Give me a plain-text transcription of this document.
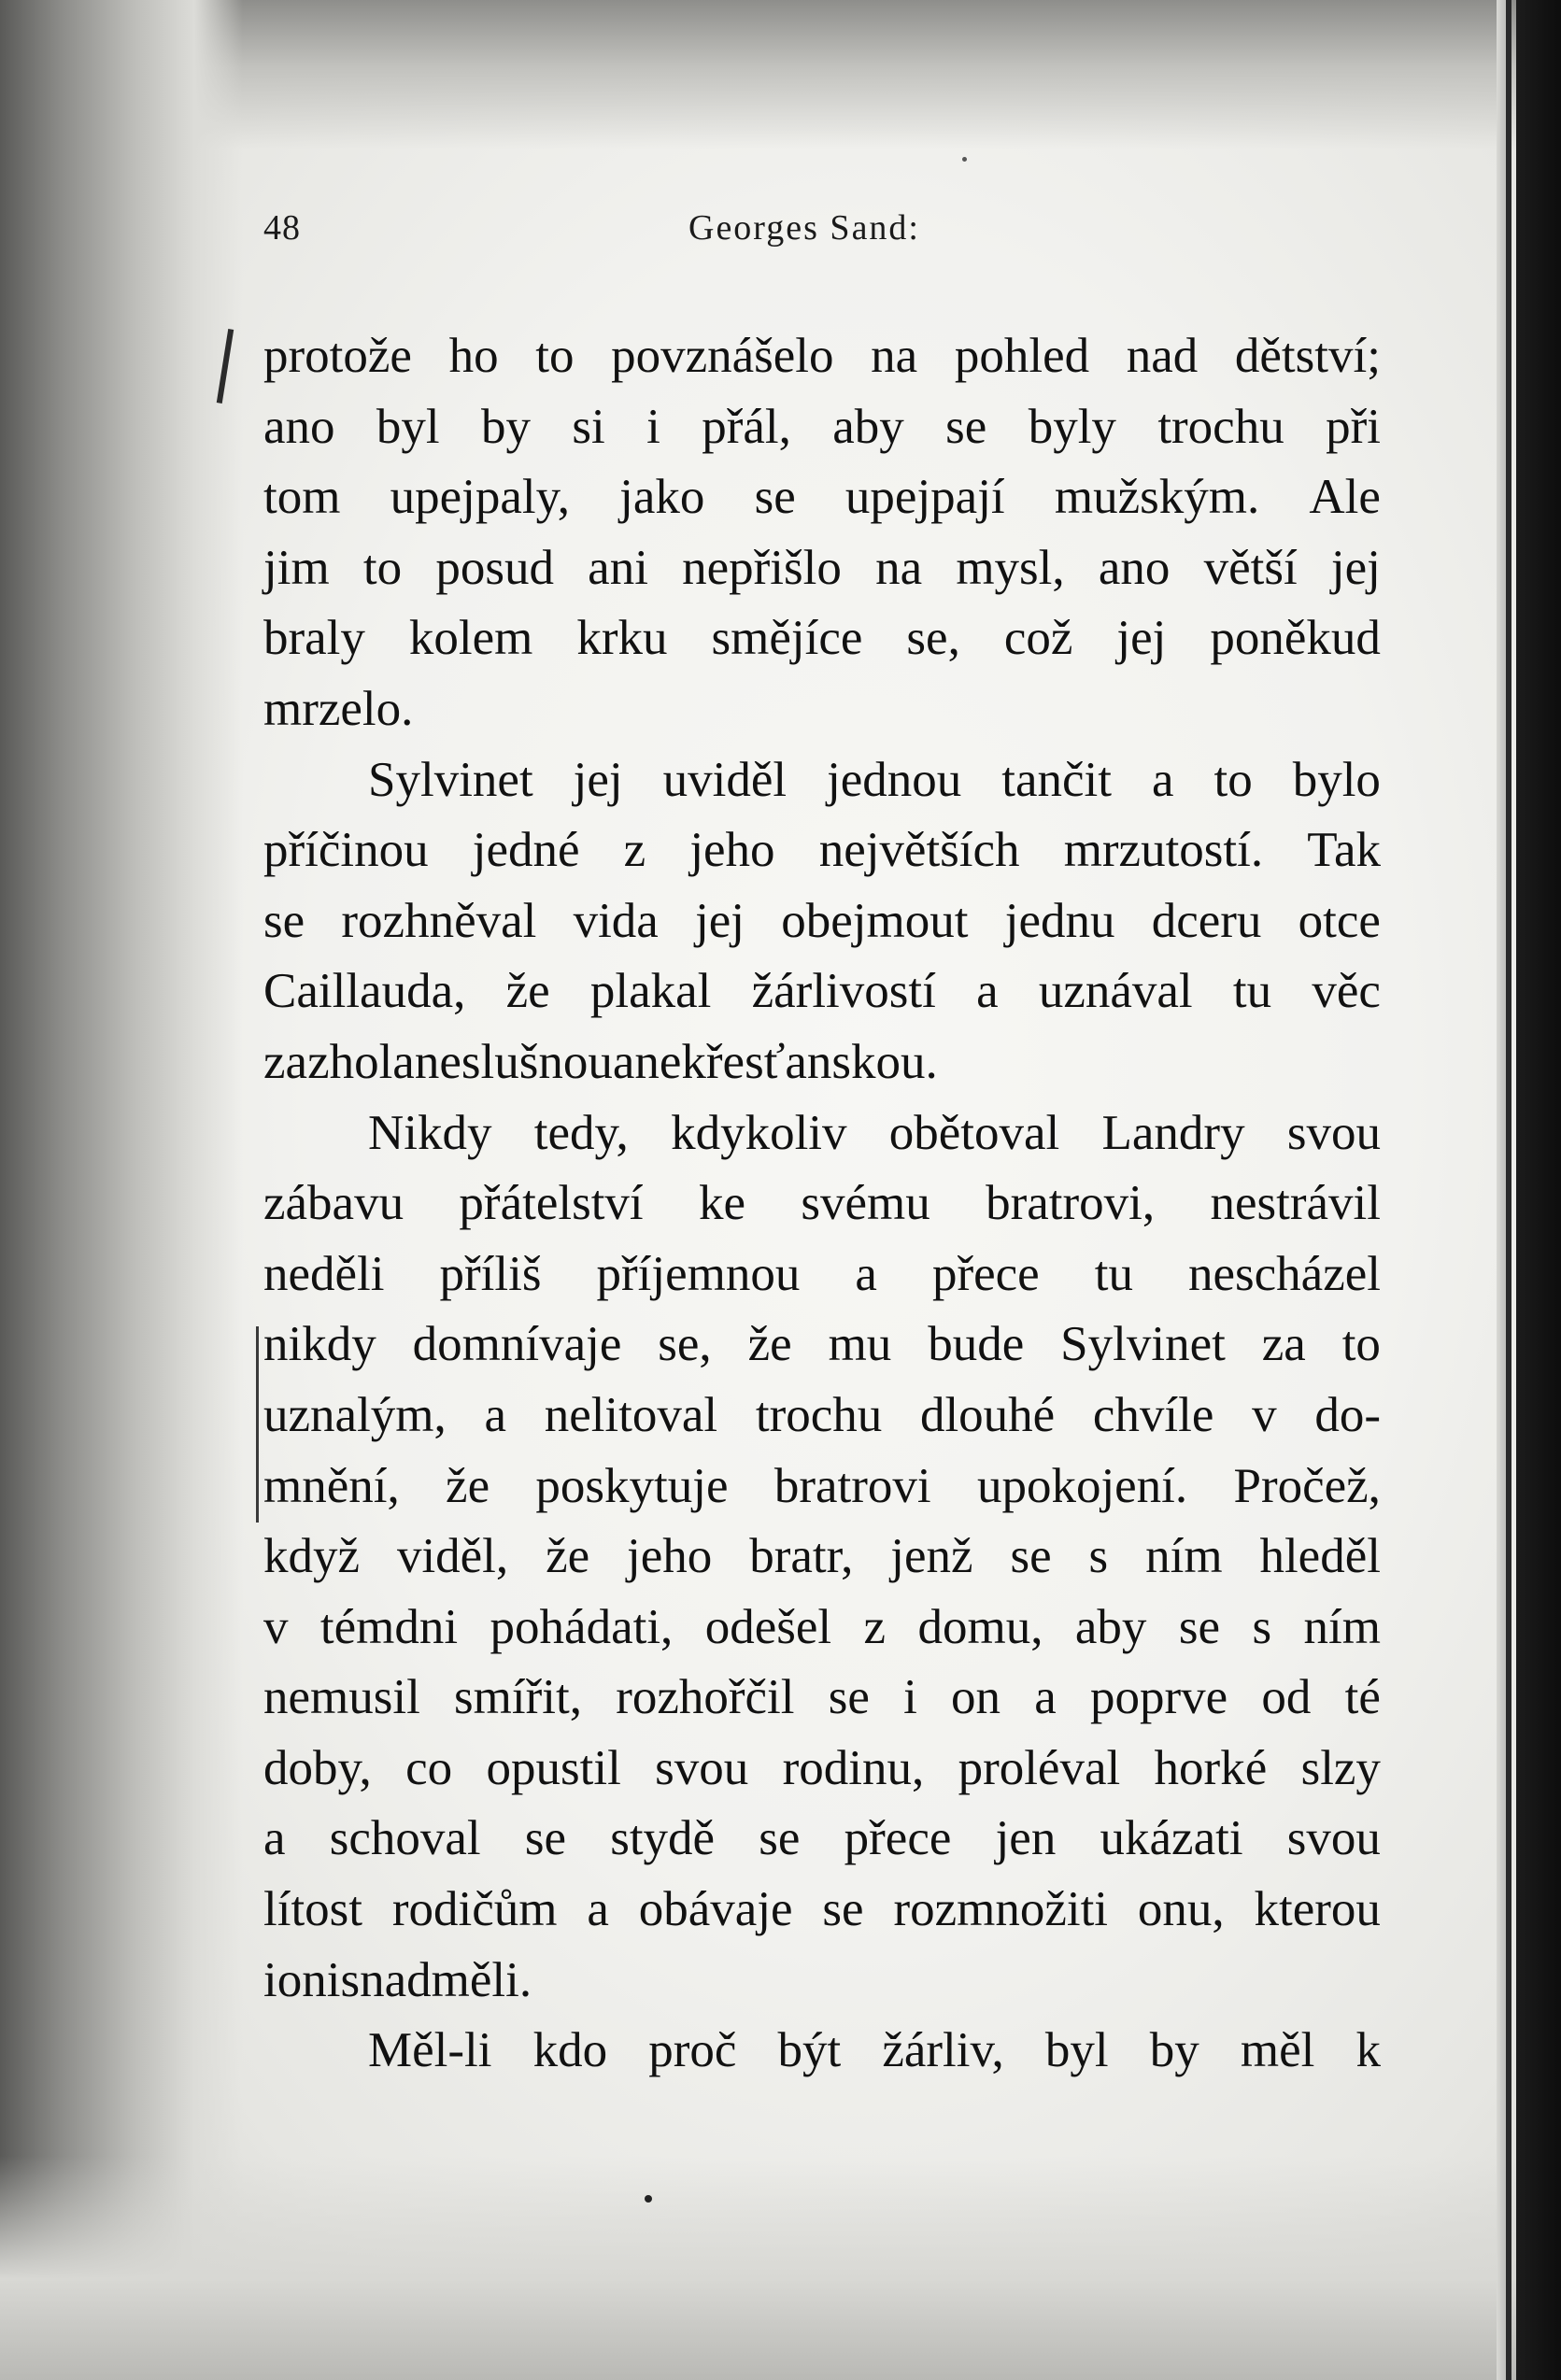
48	Georges Sand:
protože ho to povznášelo na pohled nad dětství;
ano byl by si i přál, aby se byly trochu při
tom upejpaly, jako se upejpají mužským. Ale
jim to posud ani nepřišlo na mysl, ano větší jej
braly kolem krku smějíce se, což jej poněkud
mrzelo.
Sylvinet jej uviděl jednou tančit a to bylo
příčinou jedné z jeho největších mrzutostí. Tak
se rozhněval vida jej obejmout jednu dceru otce
Caillauda, že plakal žárlivostí a uznával tu věc
za zhola neslušnou a nekřesťanskou.
Nikdy tedy, kdykoliv obětoval Landry svou
zábavu přátelství ke svému bratrovi, nestrávil
neděli příliš příjemnou a přece tu nescházel
nikdy domnívaje se, že mu bude Sylvinet za to
uznalým, a nelitoval trochu dlouhé chvíle v do-
mnění, že poskytuje bratrovi upokojení. Pročež,
když viděl, že jeho bratr, jenž se s ním hleděl
v témdni pohádati, odešel z domu, aby se s ním
nemusil smířit, rozhořčil se i on a poprve od té
doby, co opustil svou rodinu, proléval horké slzy
a schoval se stydě se přece jen ukázati svou
lítost rodičům a obávaje se rozmnožiti onu, kterou
i oni snad měli.
Měl-li kdo proč být žárliv, byl by měl k
